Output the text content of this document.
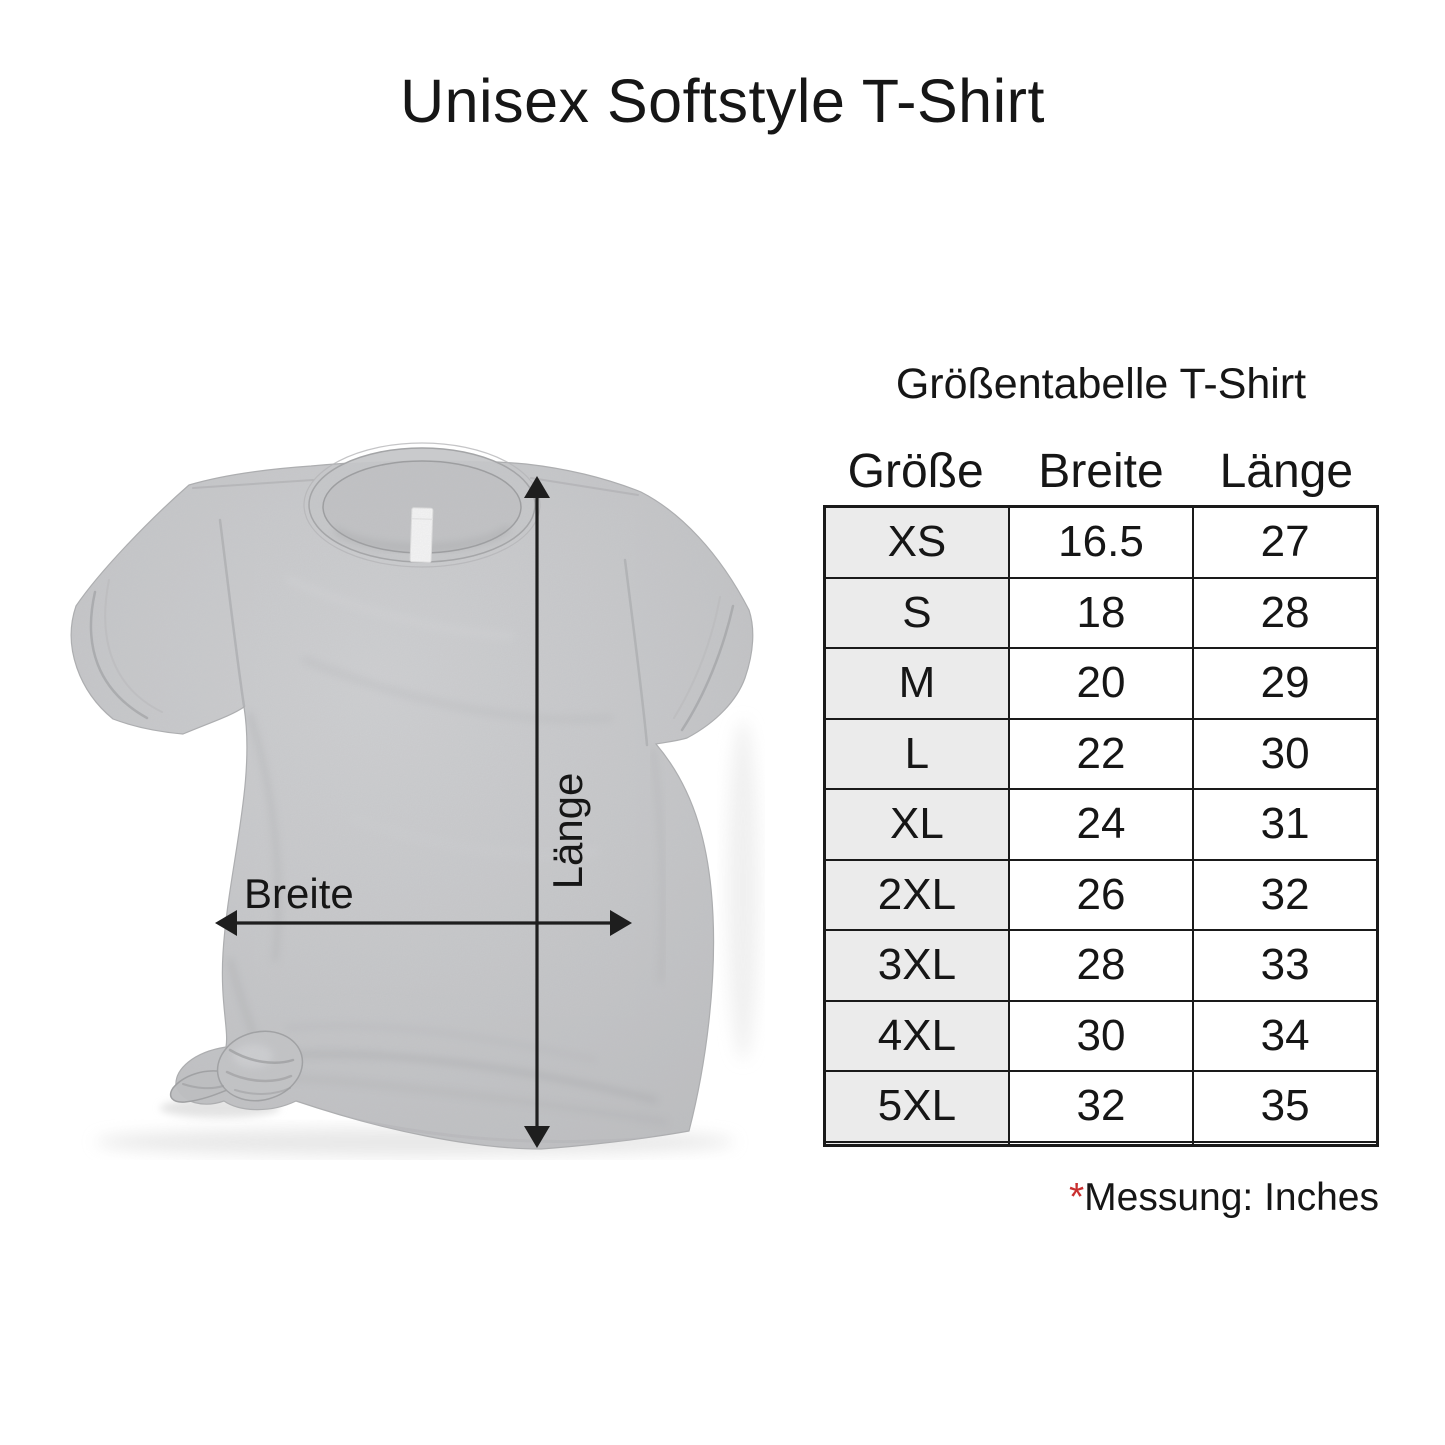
Unisex Softstyle T-Shirt
Breite
Länge
Größentabelle T-Shirt
Größe	Breite	Länge
XS	16.5	27
S	18	28
M	20	29
L	22	30
XL	24	31
2XL	26	32
3XL	28	33
4XL	30	34
5XL	32	35

*Messung: Inches
